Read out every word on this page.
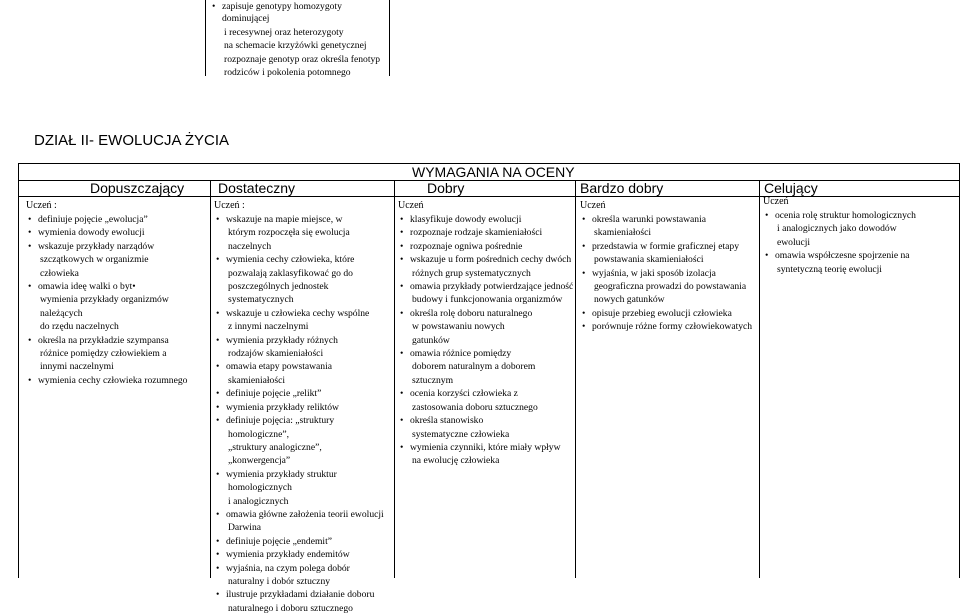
• zapisuje genotypy homozygoty dominującej
i recesywnej oraz heterozygoty
na schemacie krzyżówki genetycznej
rozpoznaje genotyp oraz określa fenotyp
rodziców i pokolenia potomnego
DZIAŁ II- EWOLUCJA ŻYCIA
WYMAGANIA NA OCENY
Dopuszczający Dostateczny	Dobry	Bardzo dobry	Celujący
Uczeń :
• definiuje pojęcie „ewolucja”
• wymienia dowody ewolucji
• wskazuje przykłady narządów
szczątkowych w organizmie
człowieka
• omawia ideę walki o byt•
wymienia przykłady organizmów
należących
do rzędu naczelnych
• określa na przykładzie szympansa
różnice pomiędzy człowiekiem a
innymi naczelnymi
• wymienia cechy człowieka rozumnego
Uczeń :
• wskazuje na mapie miejsce, w
którym rozpoczęła się ewolucja
naczelnych
• wymienia cechy człowieka, które
pozwalają zaklasyfikować go do
poszczególnych jednostek
systematycznych
• wskazuje u człowieka cechy wspólne
z innymi naczelnymi
• wymienia przykłady różnych
rodzajów skamieniałości
• omawia etapy powstawania
skamieniałości
• definiuje pojęcie „relikt”
• wymienia przykłady reliktów
• definiuje pojęcia: „struktury
homologiczne”,
„struktury analogiczne”,
„konwergencja”
• wymienia przykłady struktur
homologicznych
i analogicznych
• omawia główne założenia teorii ewolucji
Darwina
• definiuje pojęcie „endemit”
• wymienia przykłady endemitów
• wyjaśnia, na czym polega dobór
naturalny i dobór sztuczny
• ilustruje przykładami działanie doboru
naturalnego i doboru sztucznego
Uczeń
• klasyfikuje dowody ewolucji
• rozpoznaje rodzaje skamieniałości
• rozpoznaje ogniwa pośrednie
• wskazuje u form pośrednich cechy dwóch
różnych grup systematycznych
• omawia przykłady potwierdzające jedność
budowy i funkcjonowania organizmów
• określa rolę doboru naturalnego
w powstawaniu nowych
gatunków
• omawia różnice pomiędzy
doborem naturalnym a doborem
sztucznym
• ocenia korzyści człowieka z
zastosowania doboru sztucznego
• określa stanowisko
systematyczne człowieka
• wymienia czynniki, które miały wpływ
na ewolucję człowieka
Uczeń
• określa warunki powstawania
skamieniałości
• przedstawia w formie graficznej etapy
powstawania skamieniałości
• wyjaśnia, w jaki sposób izolacja
geograficzna prowadzi do powstawania
nowych gatunków
• opisuje przebieg ewolucji człowieka
• porównuje różne formy człowiekowatych
Uczeń
• ocenia rolę struktur homologicznych
i analogicznych jako dowodów
ewolucji
• omawia współczesne spojrzenie na
syntetyczną teorię ewolucji
